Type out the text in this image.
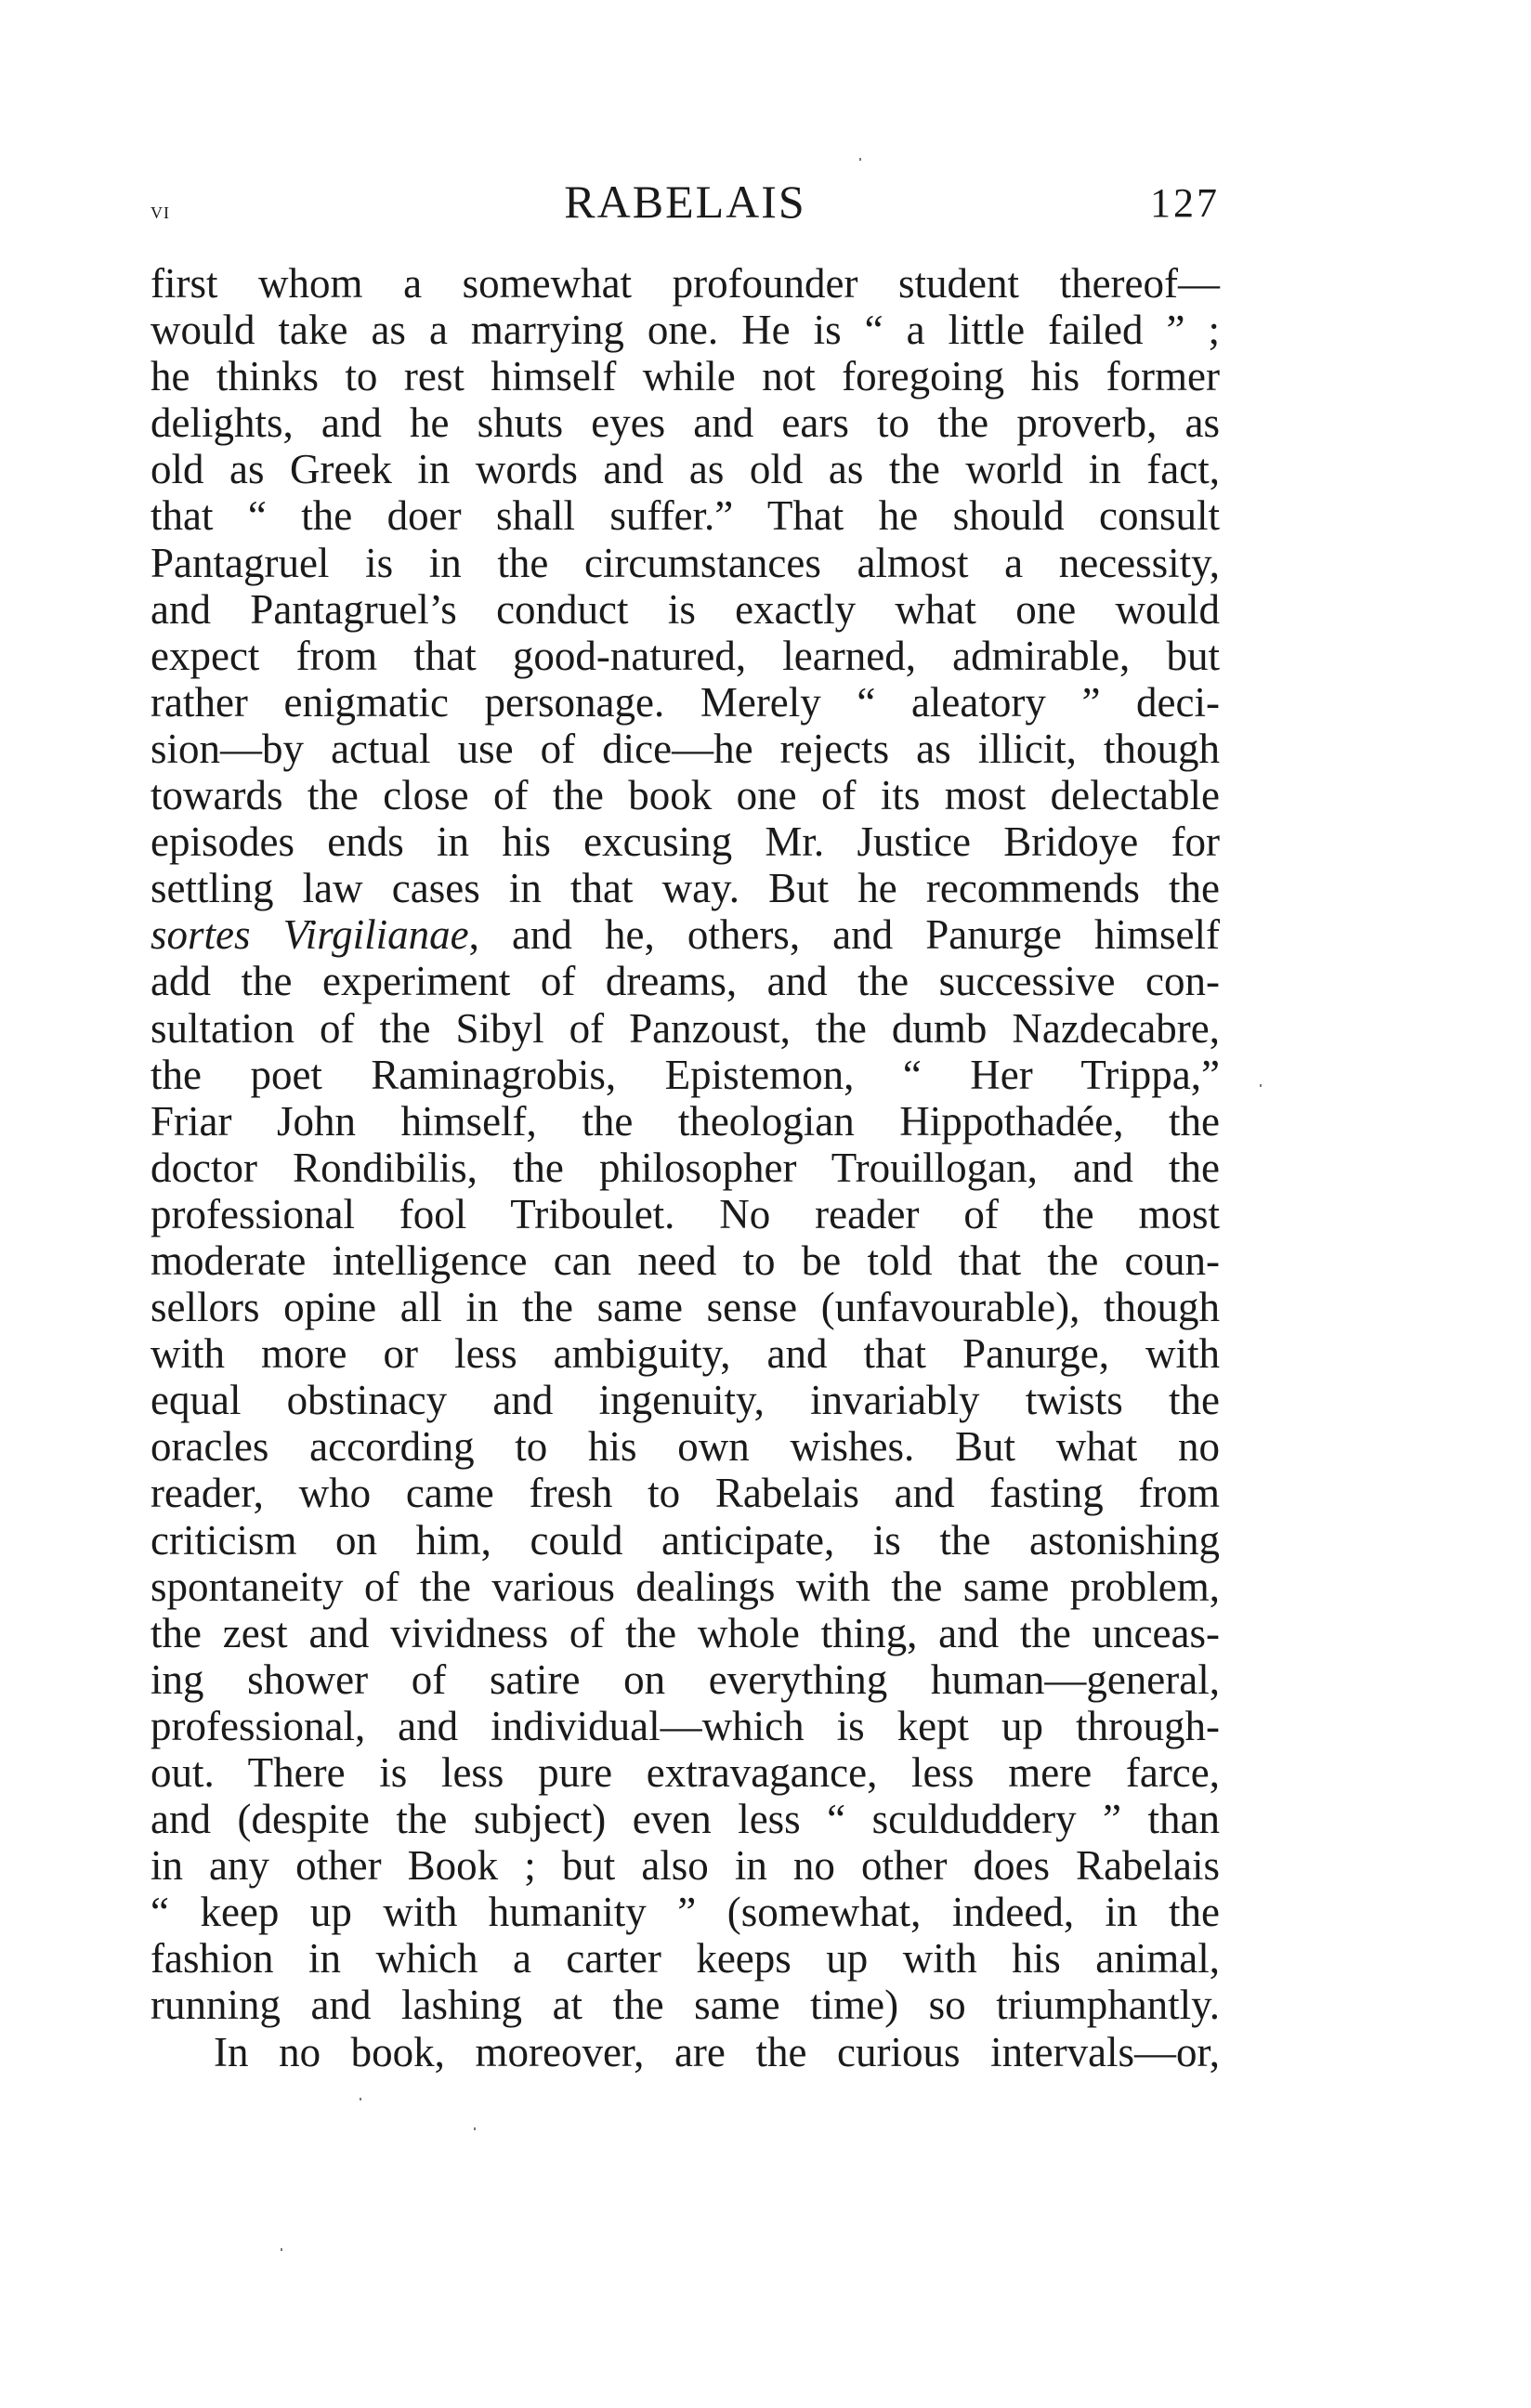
vi	RABELAIS	127
first whom a somewhat profounder student thereof—
would take as a marrying one. He is “ a little failed ” ;
he thinks to rest himself while not foregoing his former
delights, and he shuts eyes and ears to the proverb, as
old as Greek in words and as old as the world in fact,
that “ the doer shall suffer.” That he should consult
Pantagruel is in the circumstances almost a necessity,
and Pantagruel’s conduct is exactly what one would
expect from that good-natured, learned, admirable, but
rather enigmatic personage. Merely “ aleatory ” deci-
sion—by actual use of dice—he rejects as illicit, though
towards the close of the book one of its most delectable
episodes ends in his excusing Mr. Justice Bridoye for
settling law cases in that way. But he recommends the
sortes Virgilianae, and he, others, and Panurge himself
add the experiment of dreams, and the successive con-
sultation of the Sibyl of Panzoust, the dumb Nazdecabre,
the poet Raminagrobis, Epistemon, “ Her Trippa,”
Friar John himself, the theologian Hippothadée, the
doctor Rondibilis, the philosopher Trouillogan, and the
professional fool Triboulet. No reader of the most
moderate intelligence can need to be told that the coun-
sellors opine all in the same sense (unfavourable), though
with more or less ambiguity, and that Panurge, with
equal obstinacy and ingenuity, invariably twists the
oracles according to his own wishes. But what no
reader, who came fresh to Rabelais and fasting from
criticism on him, could anticipate, is the astonishing
spontaneity of the various dealings with the same problem,
the zest and vividness of the whole thing, and the unceas-
ing shower of satire on everything human—general,
professional, and individual—which is kept up through-
out. There is less pure extravagance, less mere farce,
and (despite the subject) even less “ sculduddery ” than
in any other Book ; but also in no other does Rabelais
“ keep up with humanity ” (somewhat, indeed, in the
fashion in which a carter keeps up with his animal,
running and lashing at the same time) so triumphantly.
In no book, moreover, are the curious intervals—or,
